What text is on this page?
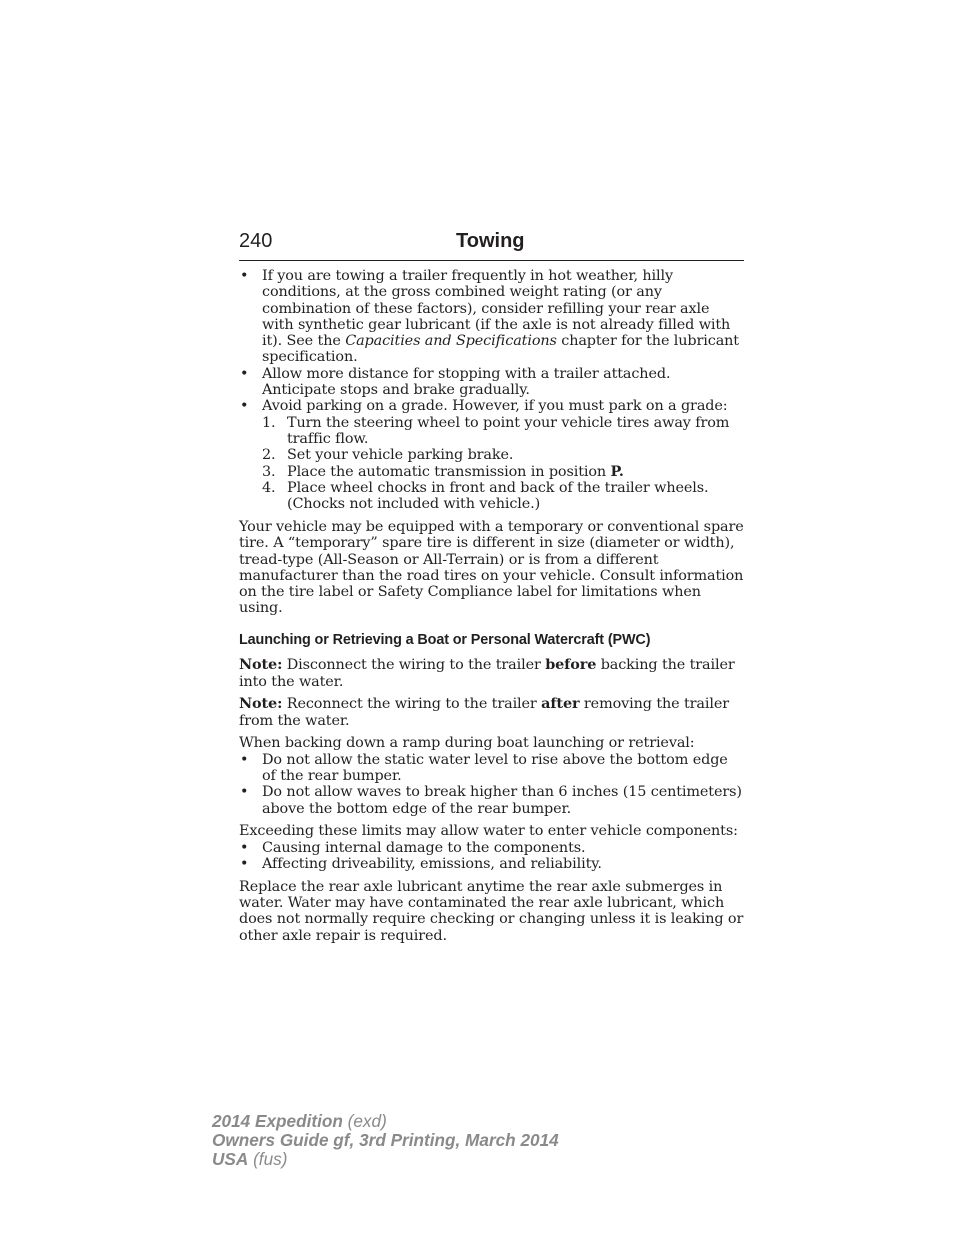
240	Towing
• If you are towing a trailer frequently in hot weather, hilly conditions, at the gross combined weight rating (or any combination of these factors), consider refilling your rear axle with synthetic gear lubricant (if the axle is not already filled with it). See the Capacities and Specifications chapter for the lubricant specification.
• Allow more distance for stopping with a trailer attached. Anticipate stops and brake gradually.
• Avoid parking on a grade. However, if you must park on a grade:
1. Turn the steering wheel to point your vehicle tires away from traffic flow.
2. Set your vehicle parking brake.
3. Place the automatic transmission in position P.
4. Place wheel chocks in front and back of the trailer wheels. (Chocks not included with vehicle.)

Your vehicle may be equipped with a temporary or conventional spare tire. A “temporary” spare tire is different in size (diameter or width), tread-type (All-Season or All-Terrain) or is from a different manufacturer than the road tires on your vehicle. Consult information on the tire label or Safety Compliance label for limitations when using.

Launching or Retrieving a Boat or Personal Watercraft (PWC)

Note: Disconnect the wiring to the trailer before backing the trailer into the water.

Note: Reconnect the wiring to the trailer after removing the trailer from the water.

When backing down a ramp during boat launching or retrieval:

• Do not allow the static water level to rise above the bottom edge of the rear bumper.
• Do not allow waves to break higher than 6 inches (15 centimeters) above the bottom edge of the rear bumper.

Exceeding these limits may allow water to enter vehicle components:

• Causing internal damage to the components.
• Affecting driveability, emissions, and reliability.

Replace the rear axle lubricant anytime the rear axle submerges in water. Water may have contaminated the rear axle lubricant, which does not normally require checking or changing unless it is leaking or other axle repair is required.

2014 Expedition (exd)
Owners Guide gf, 3rd Printing, March 2014
USA (fus)
